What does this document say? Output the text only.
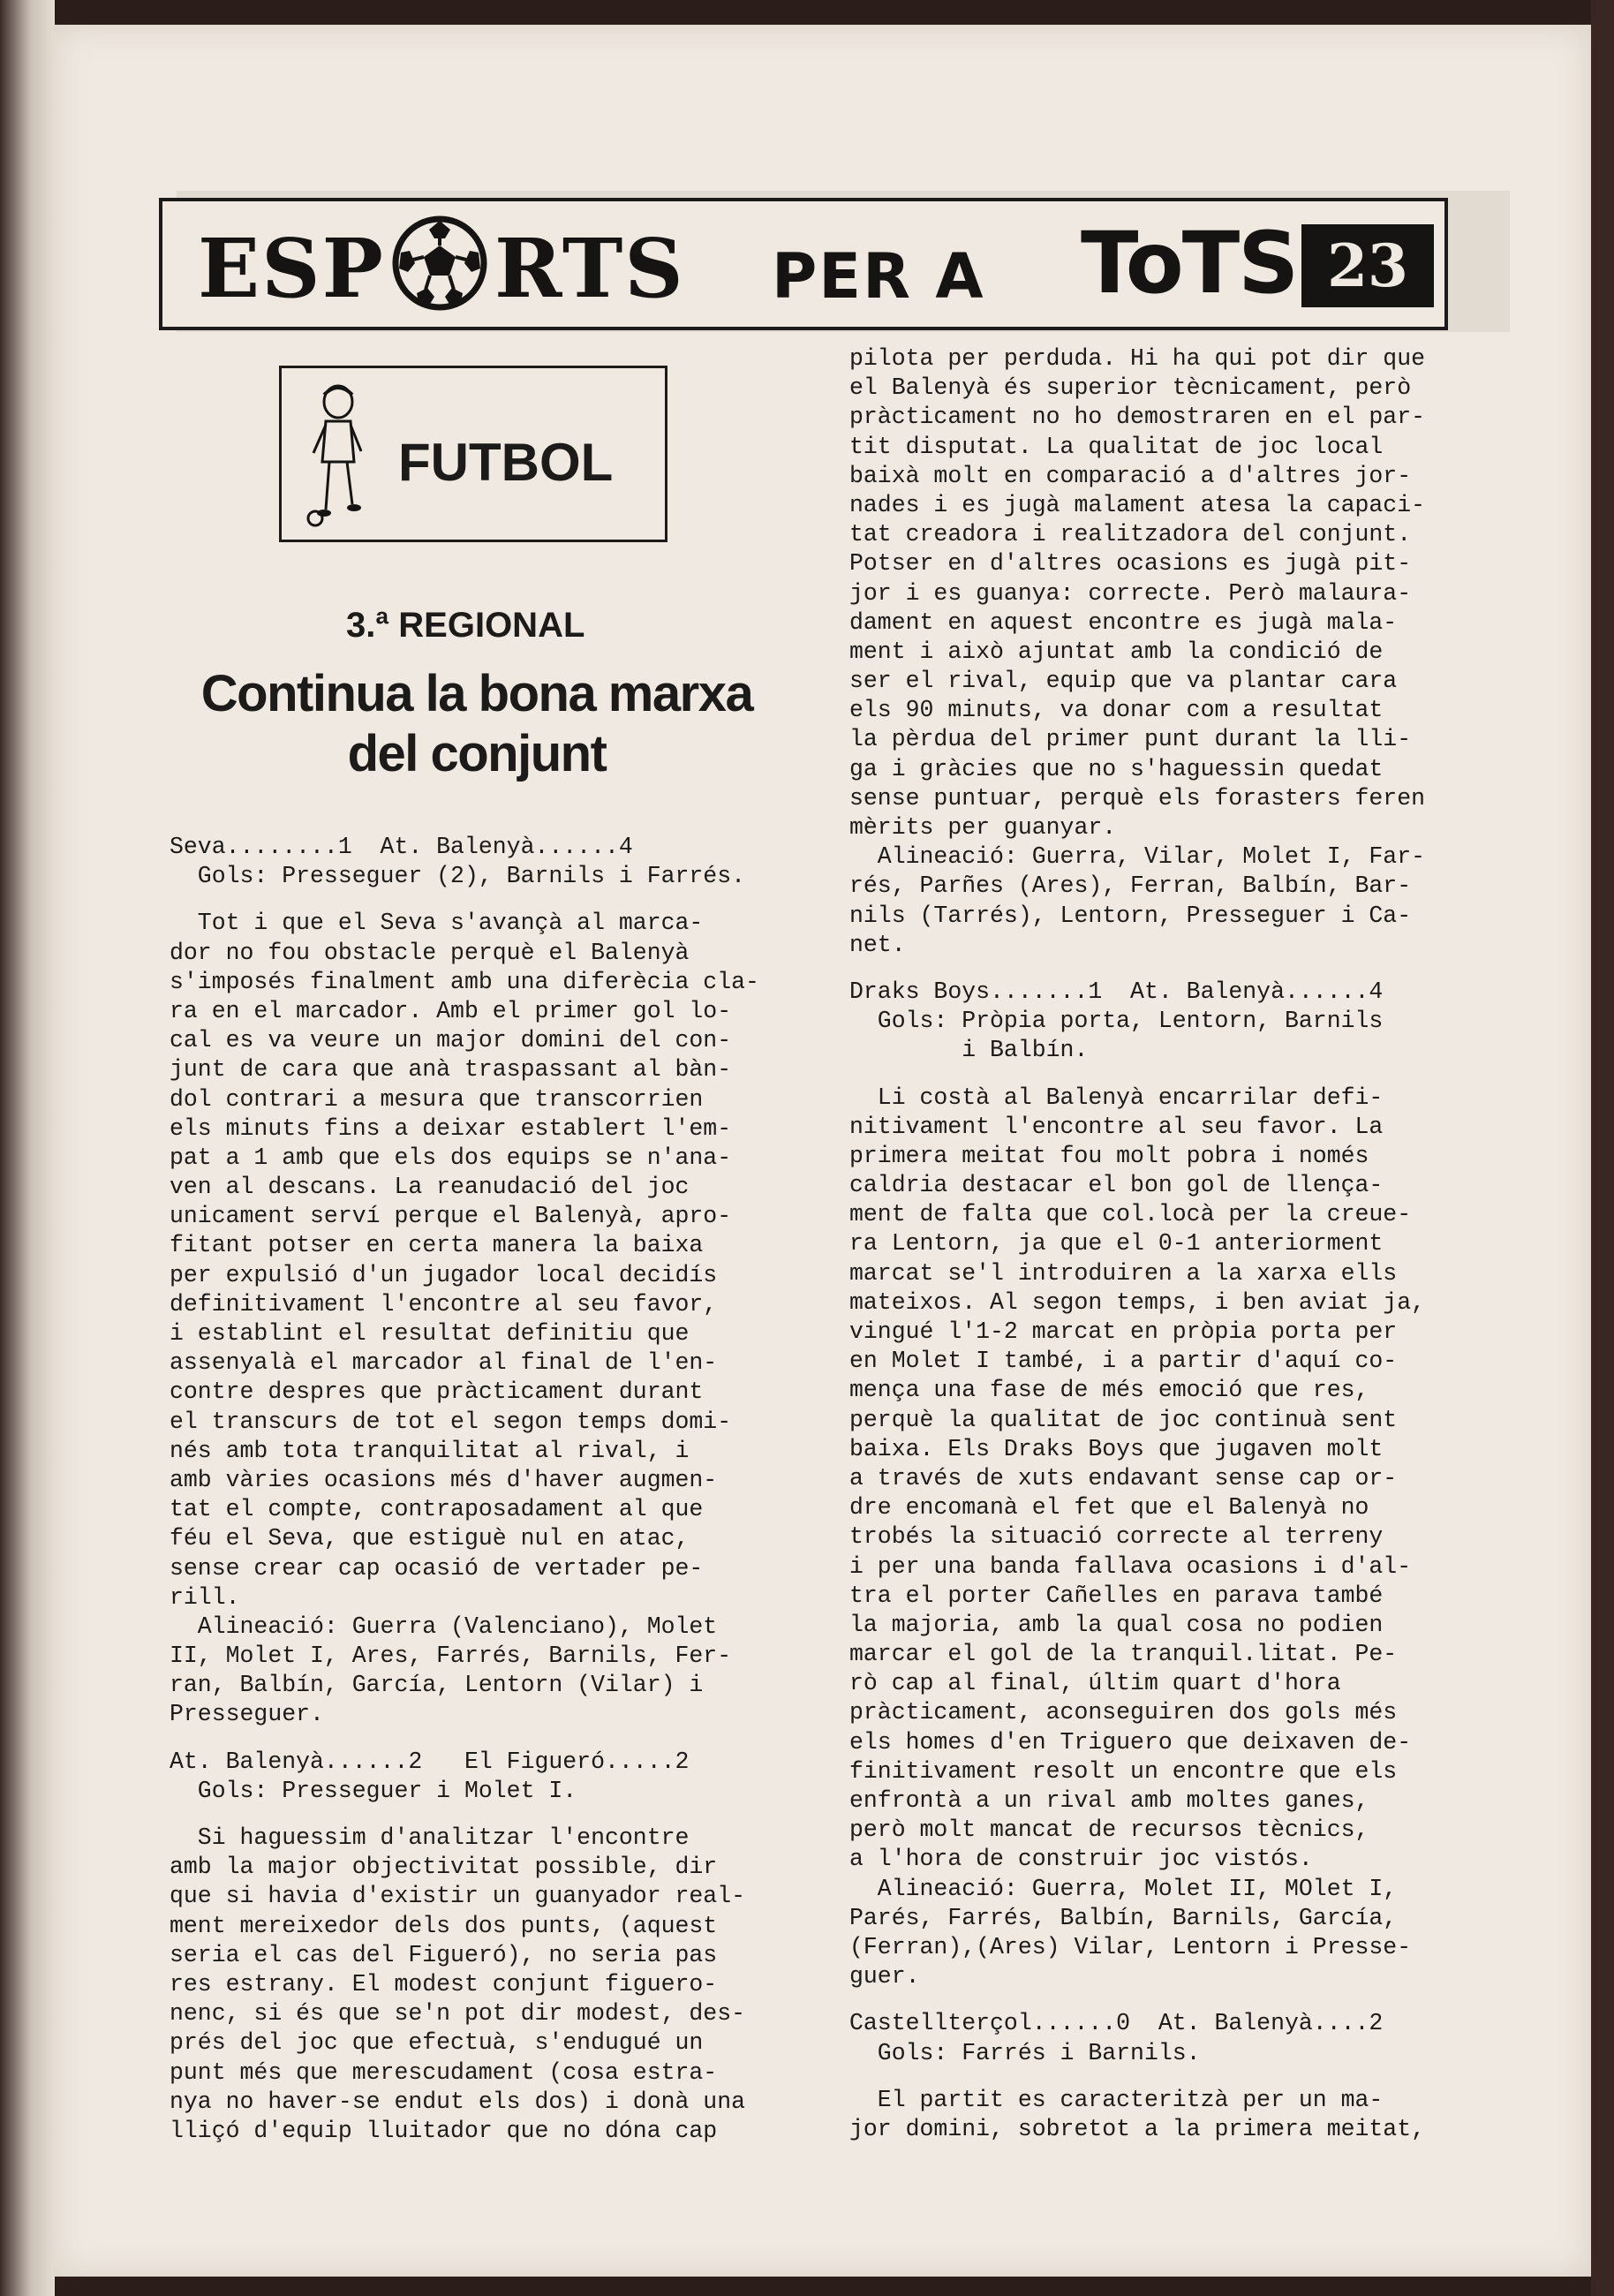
ESP RTS PER A ToTS 23
FUTBOL
3.ª REGIONAL
Continua la bona marxa
del conjunt
Seva........1  At. Balenyà......4
Gols: Presseguer (2), Barnils i Farrés.
Tot i que el Seva s'avançà al marca-
dor no fou obstacle perquè el Balenyà
s'imposés finalment amb una diferècia cla-
ra en el marcador. Amb el primer gol lo-
cal es va veure un major domini del con-
junt de cara que anà traspassant al bàn-
dol contrari a mesura que transcorrien
els minuts fins a deixar establert l'em-
pat a 1 amb que els dos equips se n'ana-
ven al descans. La reanudació del joc
unicament serví perque el Balenyà, apro-
fitant potser en certa manera la baixa
per expulsió d'un jugador local decidís
definitivament l'encontre al seu favor,
i establint el resultat definitiu que
assenyalà el marcador al final de l'en-
contre despres que pràcticament durant
el transcurs de tot el segon temps domi-
nés amb tota tranquilitat al rival, i
amb vàries ocasions més d'haver augmen-
tat el compte, contraposadament al que
féu el Seva, que estiguè nul en atac,
sense crear cap ocasió de vertader pe-
rill.
Alineació: Guerra (Valenciano), Molet
II, Molet I, Ares, Farrés, Barnils, Fer-
ran, Balbín, García, Lentorn (Vilar) i
Presseguer.
At. Balenyà......2   El Figueró.....2
Gols: Presseguer i Molet I.
Si haguessim d'analitzar l'encontre
amb la major objectivitat possible, dir
que si havia d'existir un guanyador real-
ment mereixedor dels dos punts, (aquest
seria el cas del Figueró), no seria pas
res estrany. El modest conjunt figuero-
nenc, si és que se'n pot dir modest, des-
prés del joc que efectuà, s'endugué un
punt més que merescudament (cosa estra-
nya no haver-se endut els dos) i donà una
lliçó d'equip lluitador que no dóna cap
pilota per perduda. Hi ha qui pot dir que
el Balenyà és superior tècnicament, però
pràcticament no ho demostraren en el par-
tit disputat. La qualitat de joc local
baixà molt en comparació a d'altres jor-
nades i es jugà malament atesa la capaci-
tat creadora i realitzadora del conjunt.
Potser en d'altres ocasions es jugà pit-
jor i es guanya: correcte. Però malaura-
dament en aquest encontre es jugà mala-
ment i això ajuntat amb la condició de
ser el rival, equip que va plantar cara
els 90 minuts, va donar com a resultat
la pèrdua del primer punt durant la lli-
ga i gràcies que no s'haguessin quedat
sense puntuar, perquè els forasters feren
mèrits per guanyar.
Alineació: Guerra, Vilar, Molet I, Far-
rés, Parñes (Ares), Ferran, Balbín, Bar-
nils (Tarrés), Lentorn, Presseguer i Ca-
net.
Draks Boys.......1  At. Balenyà......4
Gols: Pròpia porta, Lentorn, Barnils
i Balbín.
Li costà al Balenyà encarrilar defi-
nitivament l'encontre al seu favor. La
primera meitat fou molt pobra i només
caldria destacar el bon gol de llença-
ment de falta que col.locà per la creue-
ra Lentorn, ja que el 0-1 anteriorment
marcat se'l introduiren a la xarxa ells
mateixos. Al segon temps, i ben aviat ja,
vingué l'1-2 marcat en pròpia porta per
en Molet I també, i a partir d'aquí co-
mença una fase de més emoció que res,
perquè la qualitat de joc continuà sent
baixa. Els Draks Boys que jugaven molt
a través de xuts endavant sense cap or-
dre encomanà el fet que el Balenyà no
trobés la situació correcte al terreny
i per una banda fallava ocasions i d'al-
tra el porter Cañelles en parava també
la majoria, amb la qual cosa no podien
marcar el gol de la tranquil.litat. Pe-
rò cap al final, últim quart d'hora
pràcticament, aconseguiren dos gols més
els homes d'en Triguero que deixaven de-
finitivament resolt un encontre que els
enfrontà a un rival amb moltes ganes,
però molt mancat de recursos tècnics,
a l'hora de construir joc vistós.
Alineació: Guerra, Molet II, MOlet I,
Parés, Farrés, Balbín, Barnils, García,
(Ferran),(Ares) Vilar, Lentorn i Presse-
guer.
Castellterçol......0  At. Balenyà....2
Gols: Farrés i Barnils.
El partit es caracteritzà per un ma-
jor domini, sobretot a la primera meitat,
